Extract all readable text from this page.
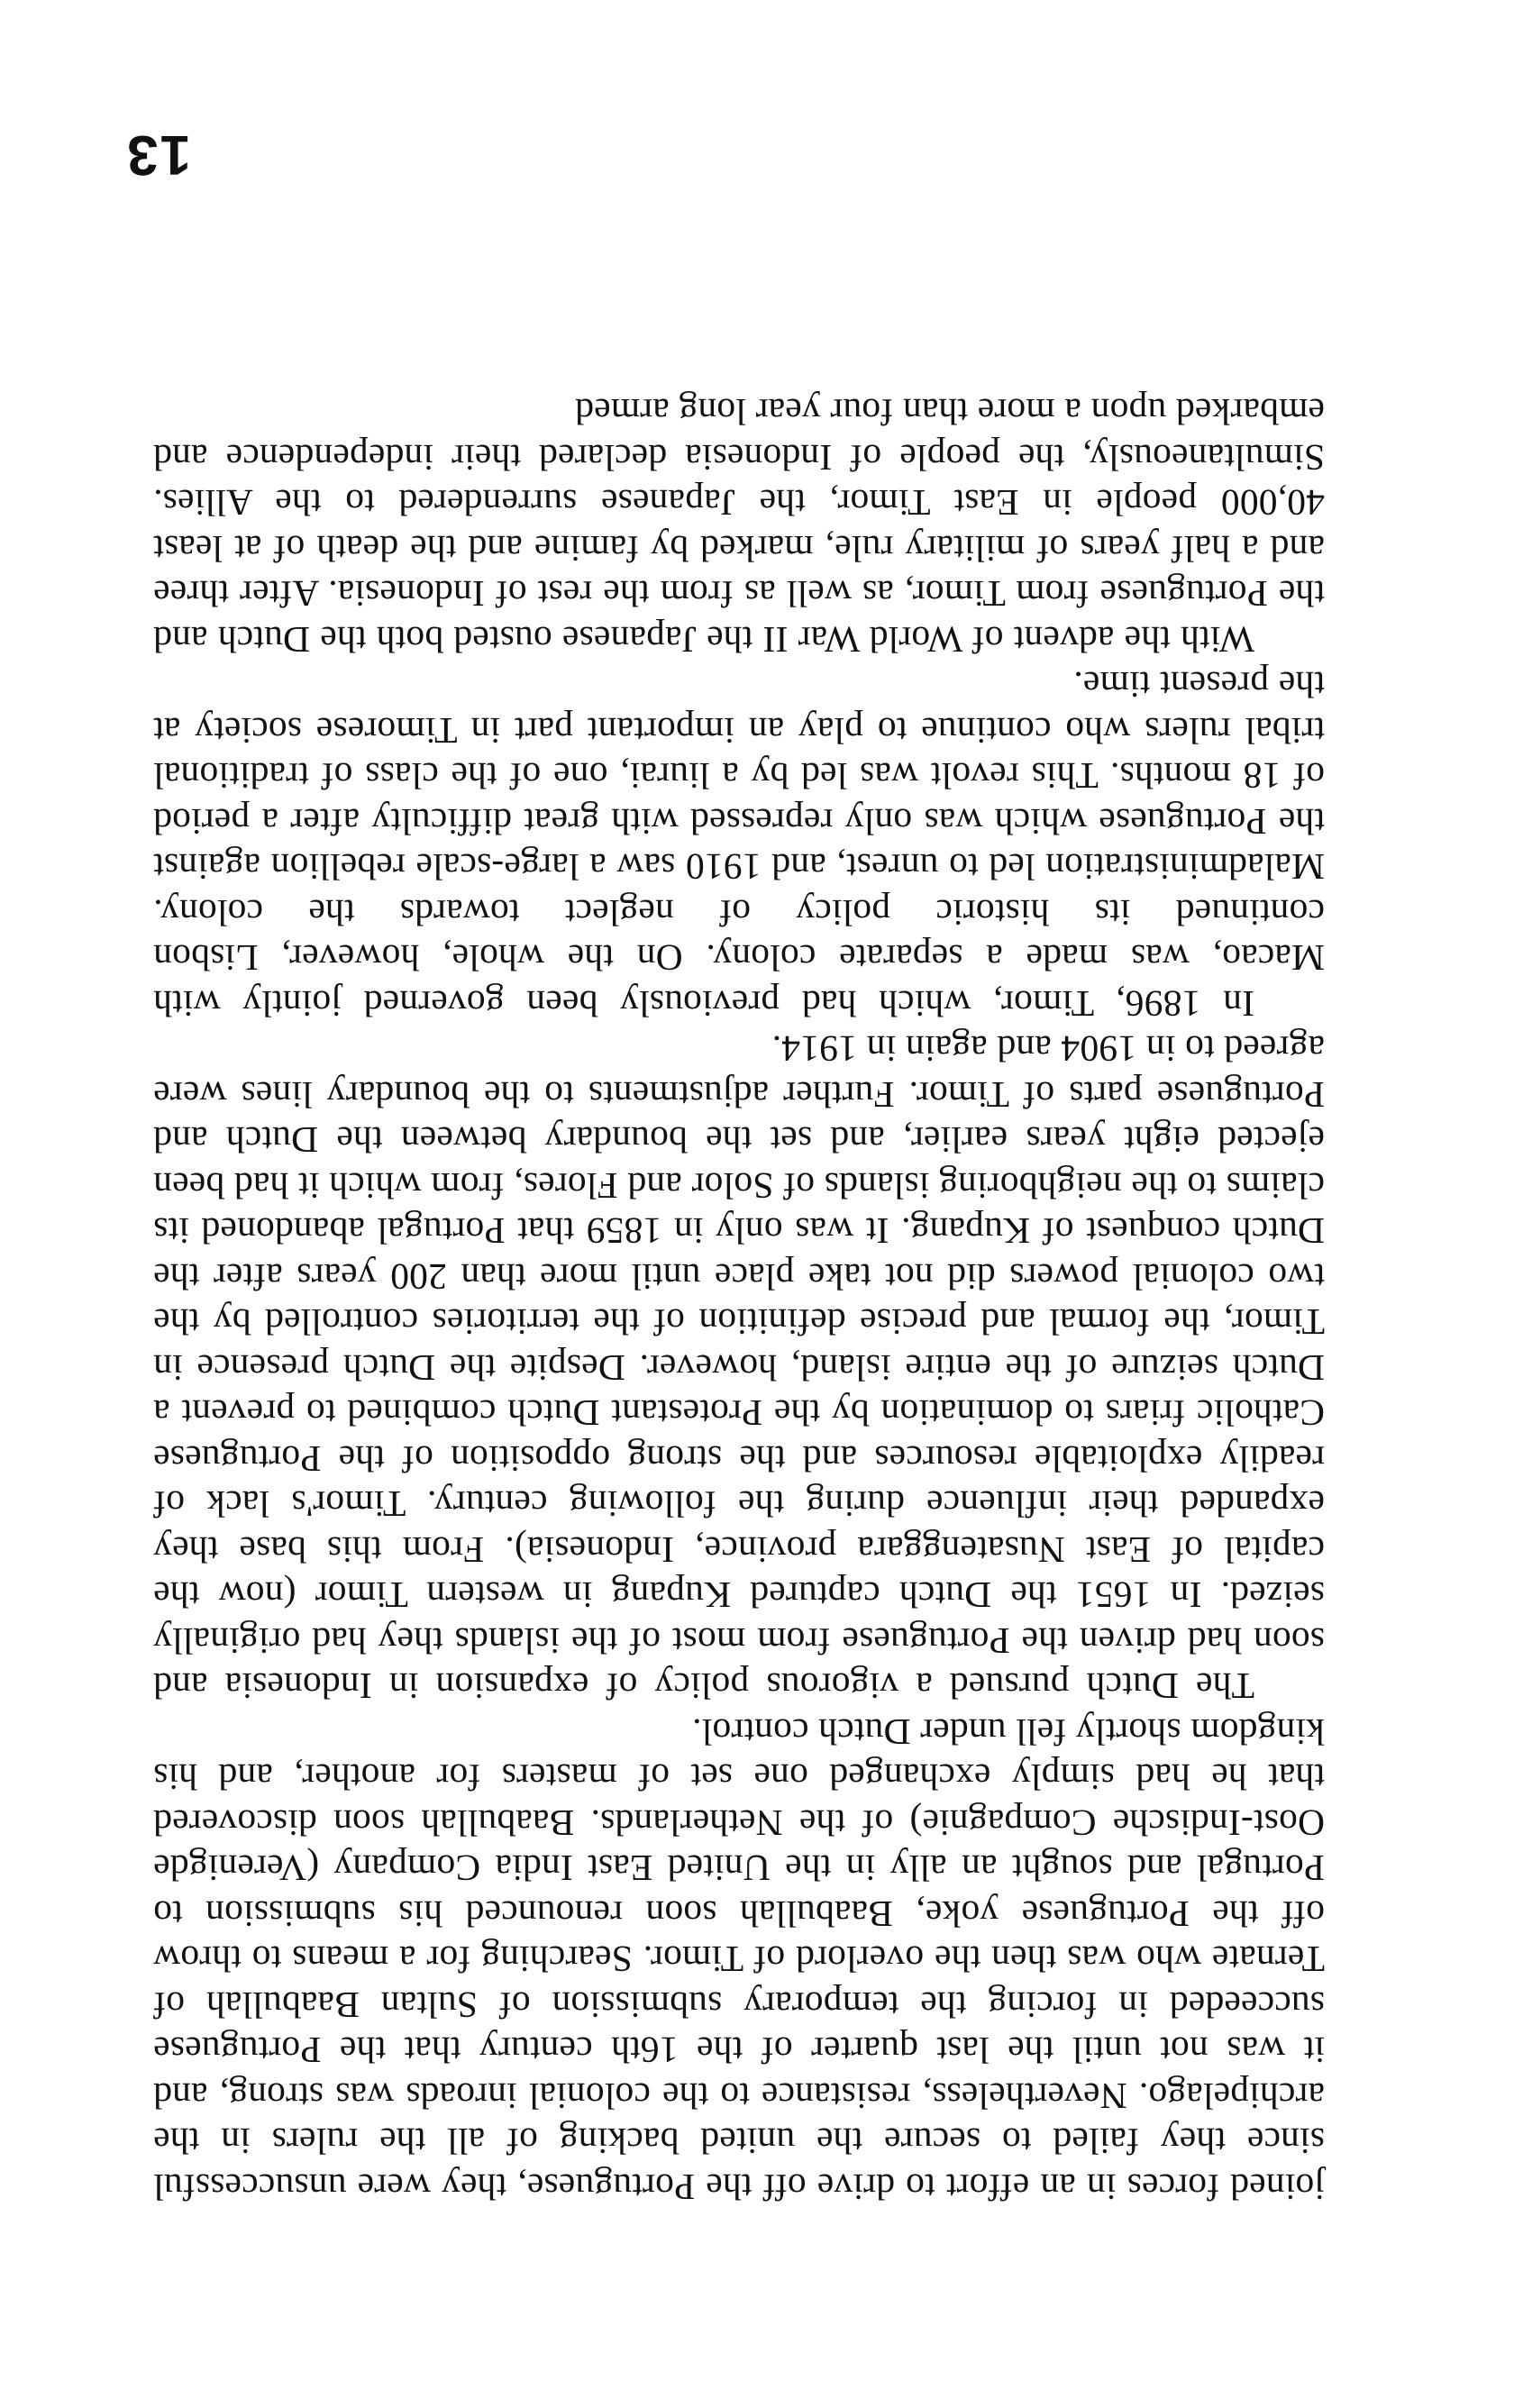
joined forces in an effort to drive off the Portuguese, they were unsuccessful since they failed to secure the united backing of all the rulers in the archipelago. Nevertheless, resistance to the colonial inroads was strong, and it was not until the last quarter of the 16th century that the Portuguese succeeded in forcing the temporary submission of Sultan Baabullah of Ternate who was then the overlord of Timor. Searching for a means to throw off the Portuguese yoke, Baabullah soon renounced his submission to Portugal and sought an ally in the United East India Company (Verenigde Oost-Indische Compagnie) of the Netherlands. Baabullah soon discovered that he had simply exchanged one set of masters for another, and his kingdom shortly fell under Dutch control.

The Dutch pursued a vigorous policy of expansion in Indonesia and soon had driven the Portuguese from most of the islands they had originally seized. In 1651 the Dutch captured Kupang in western Timor (now the capital of East Nusatenggara province, Indonesia). From this base they expanded their influence during the following century. Timor's lack of readily exploitable resources and the strong opposition of the Portuguese Catholic friars to domination by the Protestant Dutch combined to prevent a Dutch seizure of the entire island, however. Despite the Dutch presence in Timor, the formal and precise definition of the territories controlled by the two colonial powers did not take place until more than 200 years after the Dutch conquest of Kupang. It was only in 1859 that Portugal abandoned its claims to the neighboring islands of Solor and Flores, from which it had been ejected eight years earlier, and set the boundary between the Dutch and Portuguese parts of Timor. Further adjustments to the boundary lines were agreed to in 1904 and again in 1914.

In 1896, Timor, which had previously been governed jointly with Macao, was made a separate colony. On the whole, however, Lisbon continued its historic policy of neglect towards the colony. Maladministration led to unrest, and 1910 saw a large-scale rebellion against the Portuguese which was only repressed with great difficulty after a period of 18 months. This revolt was led by a liurai, one of the class of traditional tribal rulers who continue to play an important part in Timorese society at the present time.

With the advent of World War II the Japanese ousted both the Dutch and the Portuguese from Timor, as well as from the rest of Indonesia. After three and a half years of military rule, marked by famine and the death of at least 40,000 people in East Timor, the Japanese surrendered to the Allies. Simultaneously, the people of Indonesia declared their independence and embarked upon a more than four year long armed

13
